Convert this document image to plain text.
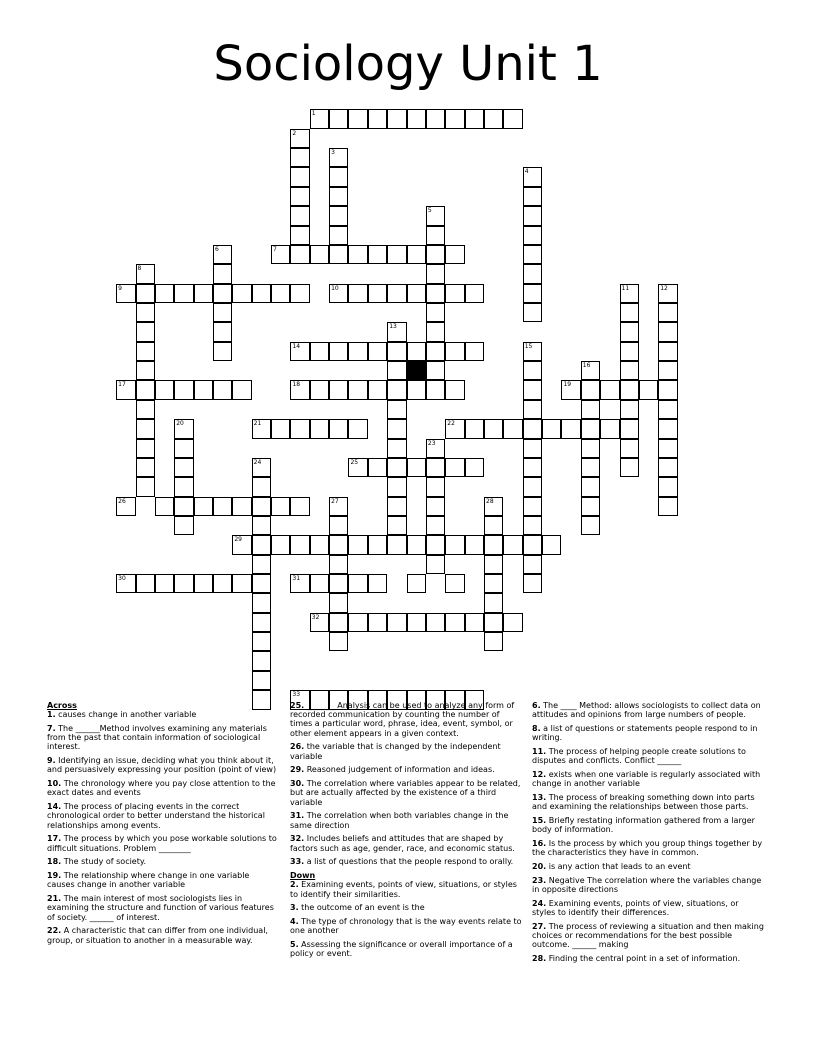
Sociology Unit 1
1
2
3
4
5
6	7
8
9	10	11	12
13
14	15
16
17	18	19
20	21	22
23
24	25
26	27	28
29
30	31
32
33

Across

1. causes change in another variable

7. The ______Method involves examining any materials from the past that contain information of sociological interest.

9. Identifying an issue, deciding what you think about it, and persuasively expressing your position (point of view)

10. The chronology where you pay close attention to the exact dates and events

14. The process of placing events in the correct chronological order to better understand the historical relationships among events.

17. The process by which you pose workable solutions to difficult situations. Problem ________

18. The study of society.

19. The relationship where change in one variable causes change in another variable

21. The main interest of most sociologists lies in examining the structure and function of various features of society. ______ of interest.

22. A characteristic that can differ from one individual, group, or situation to another in a measurable way.

25. _______ Analysis can be used to analyze any form of recorded communication by counting the number of times a particular word, phrase, idea, event, symbol, or other element appears in a given context.

26. the variable that is changed by the independent variable

29. Reasoned judgement of information and ideas.

30. The correlation where variables appear to be related, but are actually affected by the existence of a third variable

31. The correlation when both variables change in the same direction

32. Includes beliefs and attitudes that are shaped by factors such as age, gender, race, and economic status.

33. a list of questions that the people respond to orally.

Down

2. Examining events, points of view, situations, or styles to identify their similarities.

3. the outcome of an event is the

4. The type of chronology that is the way events relate to one another

5. Assessing the significance or overall importance of a policy or event.

6. The ____ Method: allows sociologists to collect data on attitudes and opinions from large numbers of people.

8. a list of questions or statements people respond to in writing.

11. The process of helping people create solutions to disputes and conflicts. Conflict ______

12. exists when one variable is regularly associated with change in another variable

13. The process of breaking something down into parts and examining the relationships between those parts.

15. Briefly restating information gathered from a larger body of information.

16. Is the process by which you group things together by the characteristics they have in common.

20. is any action that leads to an event

23. Negative The correlation where the variables change in opposite directions

24. Examining events, points of view, situations, or styles to identify their differences.

27. The process of reviewing a situation and then making choices or recommendations for the best possible outcome. ______ making

28. Finding the central point in a set of information.
